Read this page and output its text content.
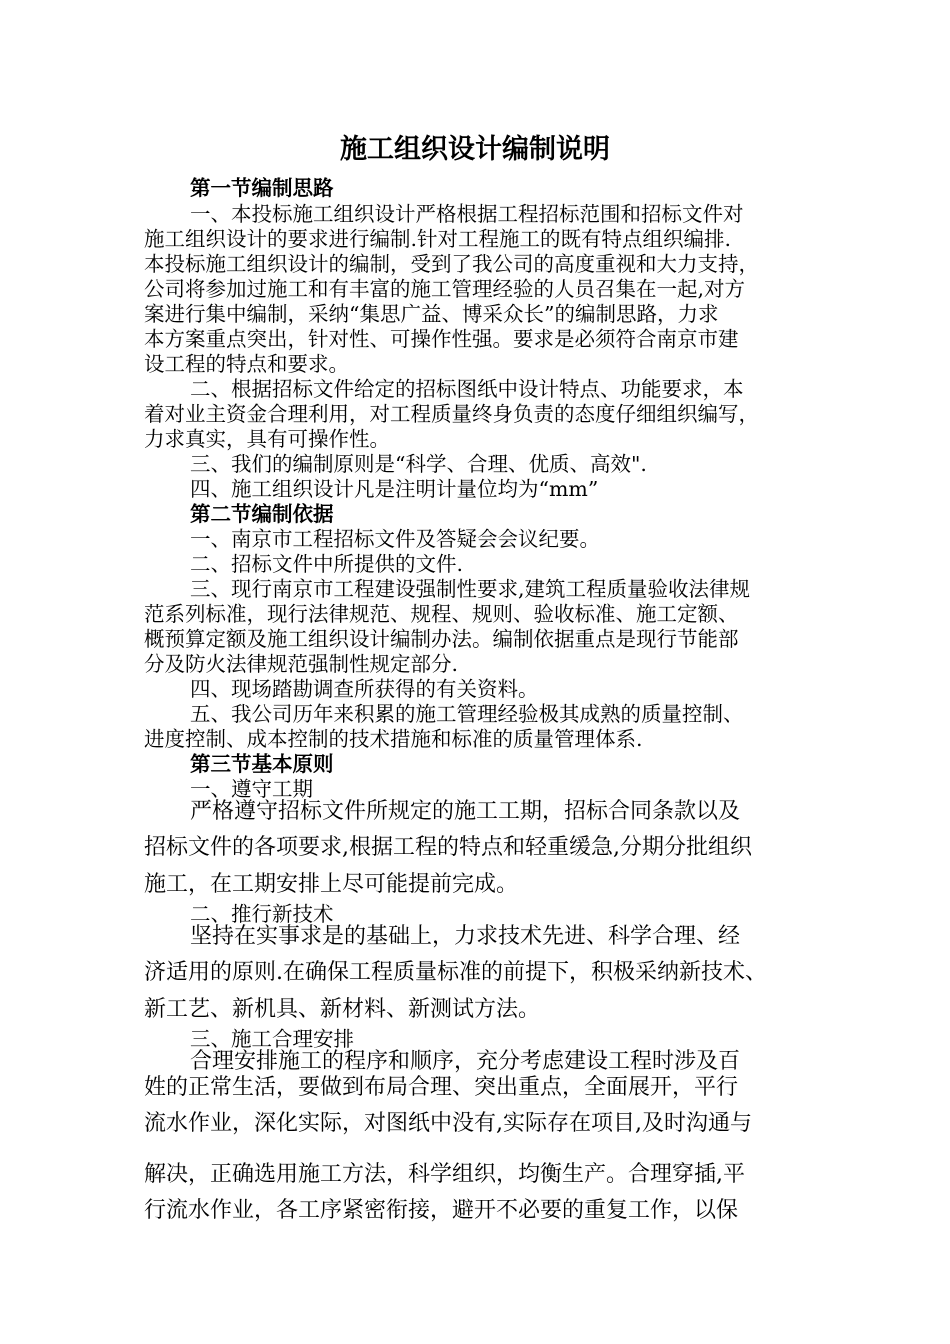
施工组织设计编制说明
第一节编制思路
一、本投标施工组织设计严格根据工程招标范围和招标文件对
施工组织设计的要求进行编制.针对工程施工的既有特点组织编排.
本投标施工组织设计的编制，受到了我公司的高度重视和大力支持，
公司将参加过施工和有丰富的施工管理经验的人员召集在一起,对方
案进行集中编制，采纳“集思广益、博采众长”的编制思路，力求
本方案重点突出，针对性、可操作性强。要求是必须符合南京市建
设工程的特点和要求。
二、根据招标文件给定的招标图纸中设计特点、功能要求，本
着对业主资金合理利用，对工程质量终身负责的态度仔细组织编写，
力求真实，具有可操作性。
三、我们的编制原则是“科学、合理、优质、高效".
四、施工组织设计凡是注明计量位均为“mm”
第二节编制依据
一、南京市工程招标文件及答疑会会议纪要。
二、招标文件中所提供的文件.
三、现行南京市工程建设强制性要求,建筑工程质量验收法律规
范系列标准，现行法律规范、规程、规则、验收标准、施工定额、
概预算定额及施工组织设计编制办法。编制依据重点是现行节能部
分及防火法律规范强制性规定部分.
四、现场踏勘调查所获得的有关资料。
五、我公司历年来积累的施工管理经验极其成熟的质量控制、
进度控制、成本控制的技术措施和标准的质量管理体系.
第三节基本原则
一、遵守工期
严格遵守招标文件所规定的施工工期，招标合同条款以及
招标文件的各项要求,根据工程的特点和轻重缓急,分期分批组织
施工，在工期安排上尽可能提前完成。
二、推行新技术
坚持在实事求是的基础上，力求技术先进、科学合理、经
济适用的原则.在确保工程质量标准的前提下，积极采纳新技术、
新工艺、新机具、新材料、新测试方法。
三、施工合理安排
合理安排施工的程序和顺序，充分考虑建设工程时涉及百
姓的正常生活，要做到布局合理、突出重点，全面展开，平行
流水作业，深化实际，对图纸中没有,实际存在项目,及时沟通与
解决，正确选用施工方法，科学组织，均衡生产。合理穿插,平
行流水作业，各工序紧密衔接，避开不必要的重复工作，以保
